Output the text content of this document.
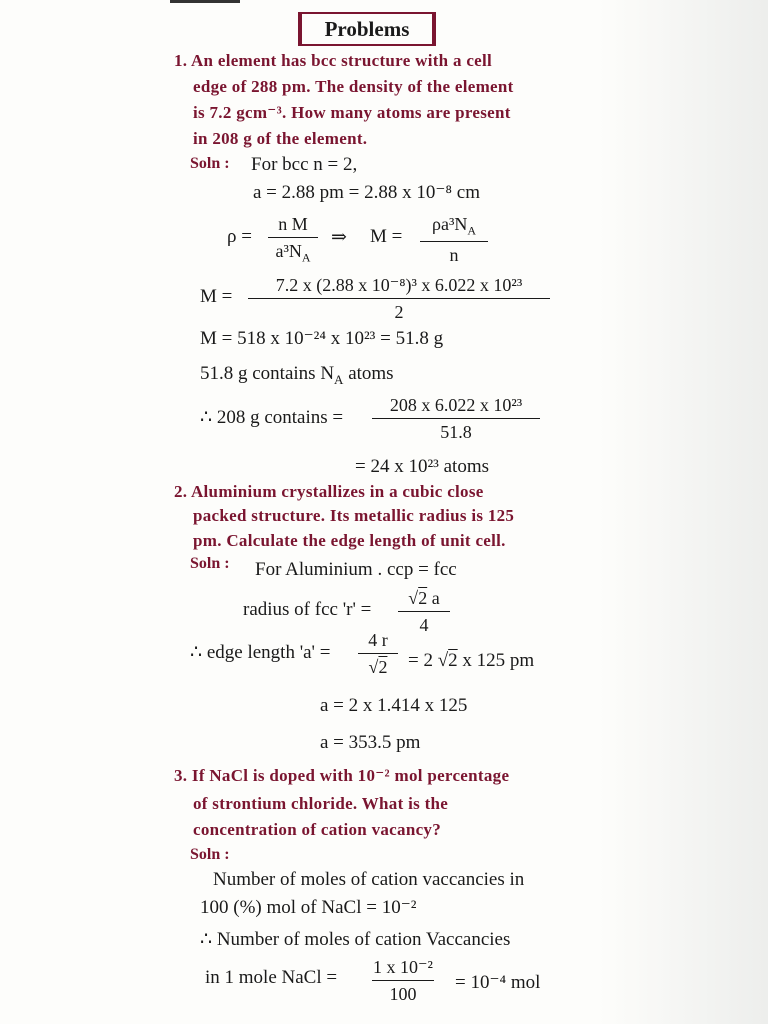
Problems
1. An element has bcc structure with a cell
edge of 288 pm. The density of the element
is 7.2 gcm⁻³. How many atoms are present
in 208 g of the element.
Soln : For bcc n = 2,
a = 2.88 pm = 2.88 x 10⁻⁸ cm
$\rho = \frac{\text{n M}}{a^3N_A}$ ⇒ $M = \frac{\rho a^3N_A}{n}$
$M = \frac{\text{7.2 x (2.88 x 10⁻⁸)³ x 6.022 x 10²³}}{2}$
M = 518 x 10⁻²⁴ x 10²³ = 51.8 g
51.8 g contains $N_A$ atoms
∴ 208 g contains = $\frac{\text{208 x 6.022 x 10²³}}{51.8}$
= 24 x 10²³ atoms
2. Aluminium crystallizes in a cubic close
packed structure. Its metallic radius is 125
pm. Calculate the edge length of unit cell.
Soln : For Aluminium . ccp = fcc
radius of fcc '$r' = \frac{√2 a}{4}$
∴ edge length '$a' = \frac{4 r}{√2} = 2$ √2 x 125 pm
a = 2 x 1.414 x 125
a = 353.5 pm
3. If NaCl is doped with 10⁻² mol percentage
of strontium chloride. What is the
concentration of cation vacancy?
Soln :
Number of moles of cation vaccancies in
100 (%) mol of NaCl = 10⁻²
∴ Number of moles of cation Vaccancies
in 1 mole NaCl = $\frac{\text{1 x 10⁻²}}{100} = 10^{-4}$ mol
